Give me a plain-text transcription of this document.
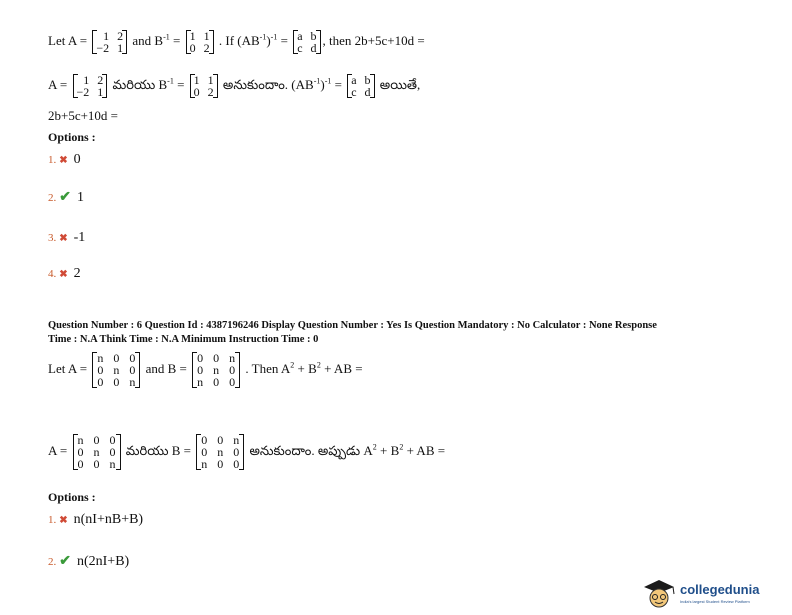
Let A = 1	2
−2	1
and $B^{-1} = 1$	1
0	2
. If $(AB^{-1})^{-1} = a$	b
c	d
, then 2b+5c+10d =
A = 1	2
−2	1
మరియు $B^{-1} = 1$	1
0	2
అనుకుందాం. $(AB^{-1})^{-1} = a$	b
c	d
అయితే,
2b+5c+10d =
Options :
1. ✖ 0
2. ✔ 1
3. ✖ -1
4. ✖ 2
Question Number : 6 Question Id : 4387196246 Display Question Number : Yes Is Question Mandatory : No Calculator : None Response
Time : N.A Think Time : N.A Minimum Instruction Time : 0
Let A =
n	0	0
0	n	0
0	0	n
and B =
0	0	n
0	n	0
n	0	0
. Then $A^2 + B^2$ + AB =
A =
n	0	0
0	n	0
0	0	n
మరియు B =
0	0	n
0	n	0
n	0	0
అనుకుందాం. అప్పుడు $A^2 + B^2$ + AB =
Options :
1. ✖ n(nI+nB+B)
2. ✔ n(2nI+B)
collegedunia
India's largest Student Review Platform
